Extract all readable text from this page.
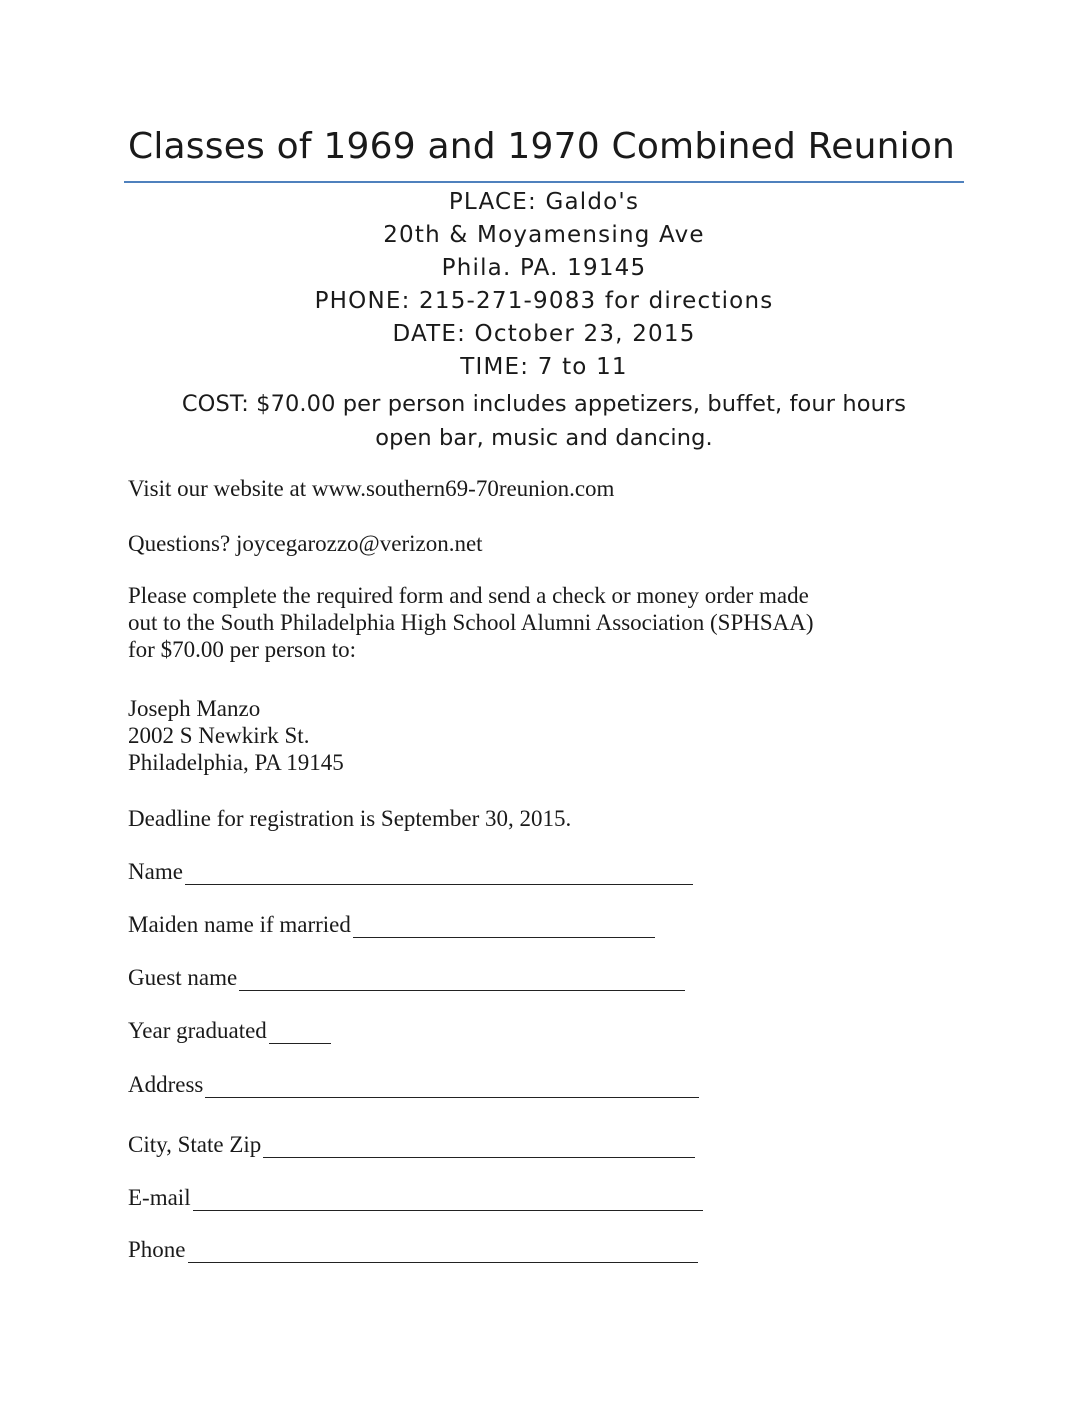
Classes of 1969 and 1970 Combined Reunion
PLACE: Galdo's
20th & Moyamensing Ave
Phila. PA. 19145
PHONE: 215-271-9083 for directions
DATE: October 23, 2015
TIME: 7 to 11
COST: $70.00 per person includes appetizers, buffet, four hours
open bar, music and dancing.
Visit our website at www.southern69-70reunion.com
Questions? joycegarozzo@verizon.net
Please complete the required form and send a check or money order made
out to the South Philadelphia High School Alumni Association (SPHSAA)
for $70.00 per person to:
Joseph Manzo
2002 S Newkirk St.
Philadelphia, PA 19145
Deadline for registration is September 30, 2015.
Name
Maiden name if married
Guest name
Year graduated
Address
City, State Zip
E-mail
Phone
